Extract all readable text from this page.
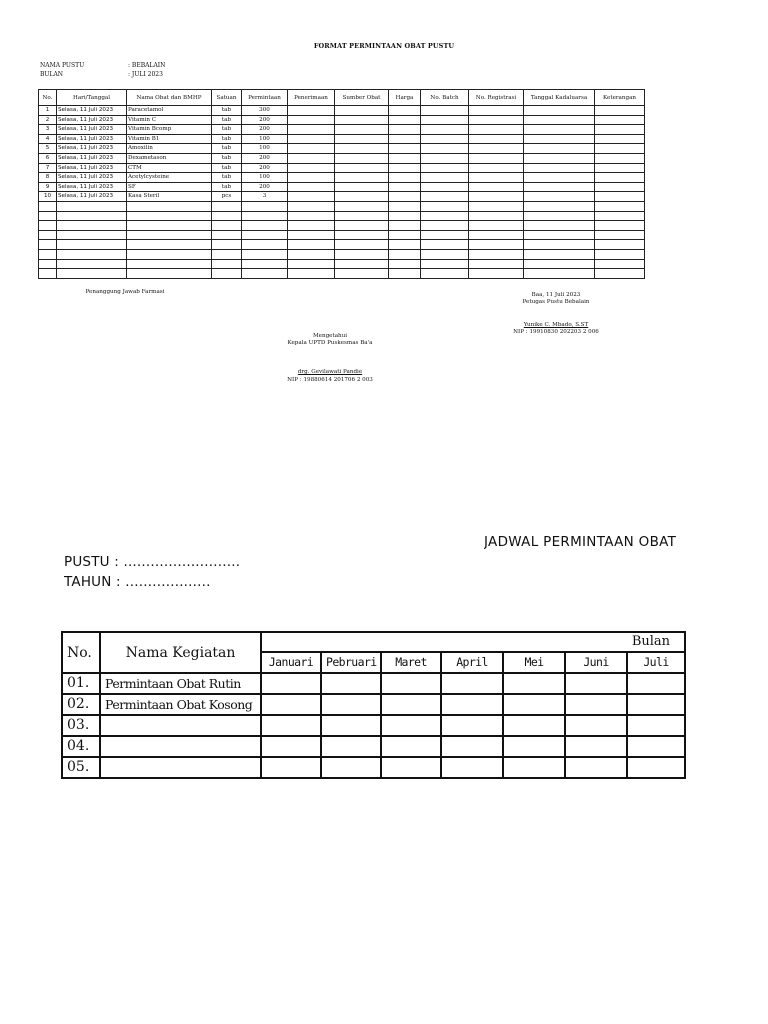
FORMAT PERMINTAAN OBAT PUSTU
NAMA PUSTU	: BEBALAIN
BULAN	: JULI 2023
No.	Hari/Tanggal	Nama Obat dan BMHP	Satuan	Permintaan	Penerimaan	Sumber Obat	Harga	No. Batch	No. Registrasi	Tanggal Kadaluarsa	Keterangan
1	Selasa, 11 Juli 2023	Paracetamol	tab	300							
2	Selasa, 11 Juli 2023	Vitamin C	tab	200							
3	Selasa, 11 Juli 2023	Vitamin Bcomp	tab	200							
4	Selasa, 11 Juli 2023	Vitamin B1	tab	100							
5	Selasa, 11 Juli 2023	Amoxilin	tab	100							
6	Selasa, 11 Juli 2023	Dexametason	tab	200							
7	Selasa, 11 Juli 2023	CTM	tab	200							
8	Selasa, 11 Juli 2023	Acetylcysteine	tab	100							
9	Selasa, 11 Juli 2023	SF	tab	200							
10	Selasa, 11 Juli 2023	Kasa Steril	pcs	3							

Penanggung Jawab Farmasi	Baa, 11 Juli 2023
Petugas Pustu Bebalain
Yunike C. Mbado, S.ST
NIP : 19910830 202203 2 006
Mengetahui
Kepala UPTD Puskesmas Ba'a
drg. Gevilawati Pandie
NIP : 19880614 201706 2 003
JADWAL PERMINTAAN OBAT
PUSTU : ..........................
TAHUN : ...................
No.	Nama Kegiatan	Bulan						
		Januari	Pebruari	Maret	April	Mei	Juni	Juli
01.	Permintaan Obat Rutin							
02.	Permintaan Obat Kosong							
03.								
04.								
05.								
